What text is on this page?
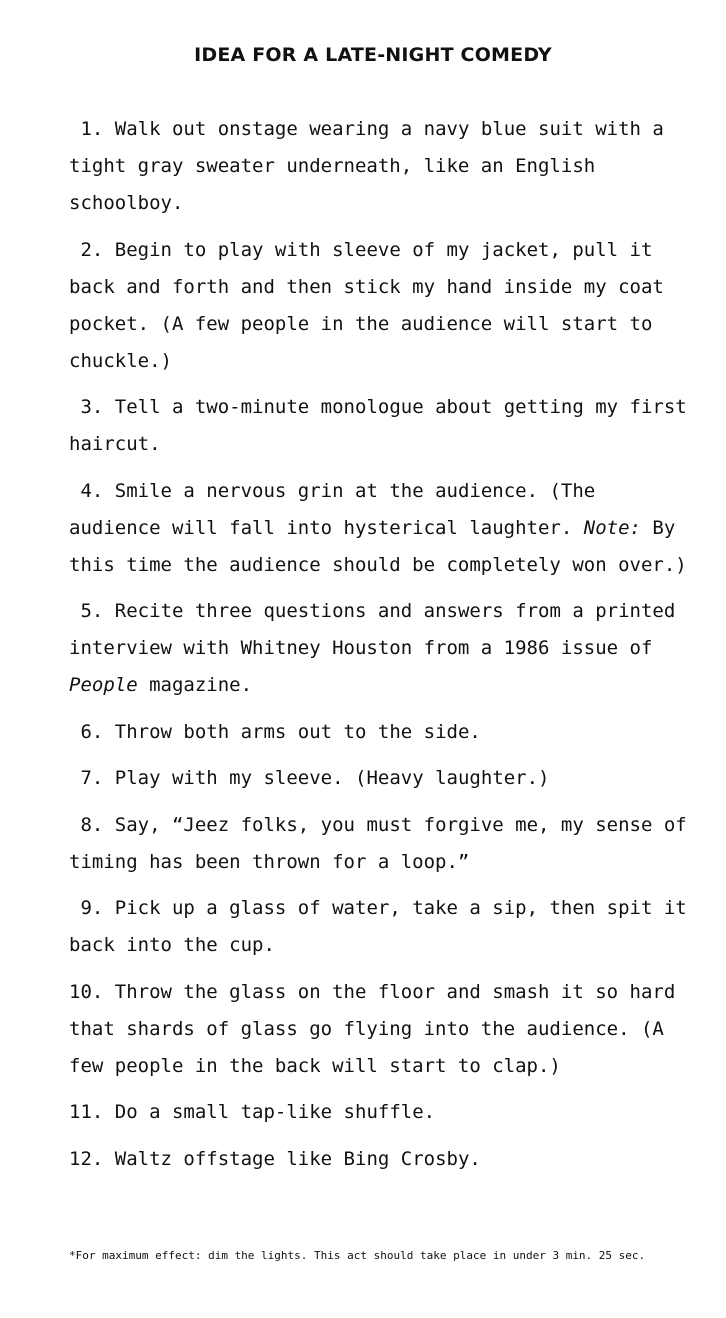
IDEA FOR A LATE-NIGHT COMEDY

1. Walk out onstage wearing a navy blue suit with a tight gray sweater underneath, like an English schoolboy.

2. Begin to play with sleeve of my jacket, pull it back and forth and then stick my hand inside my coat pocket. (A few people in the audience will start to chuckle.)

3. Tell a two-minute monologue about getting my first haircut.

4. Smile a nervous grin at the audience. (The audience will fall into hysterical laughter. Note: By this time the audience should be completely won over.)

5. Recite three questions and answers from a printed interview with Whitney Houston from a 1986 issue of People magazine.

6. Throw both arms out to the side.

7. Play with my sleeve. (Heavy laughter.)

8. Say, “Jeez folks, you must forgive me, my sense of timing has been thrown for a loop.”

9. Pick up a glass of water, take a sip, then spit it back into the cup.

10. Throw the glass on the floor and smash it so hard that shards of glass go flying into the audience. (A few people in the back will start to clap.)

11. Do a small tap-like shuffle.

12. Waltz offstage like Bing Crosby.

*For maximum effect: dim the lights. This act should take place in under 3 min. 25 sec.
